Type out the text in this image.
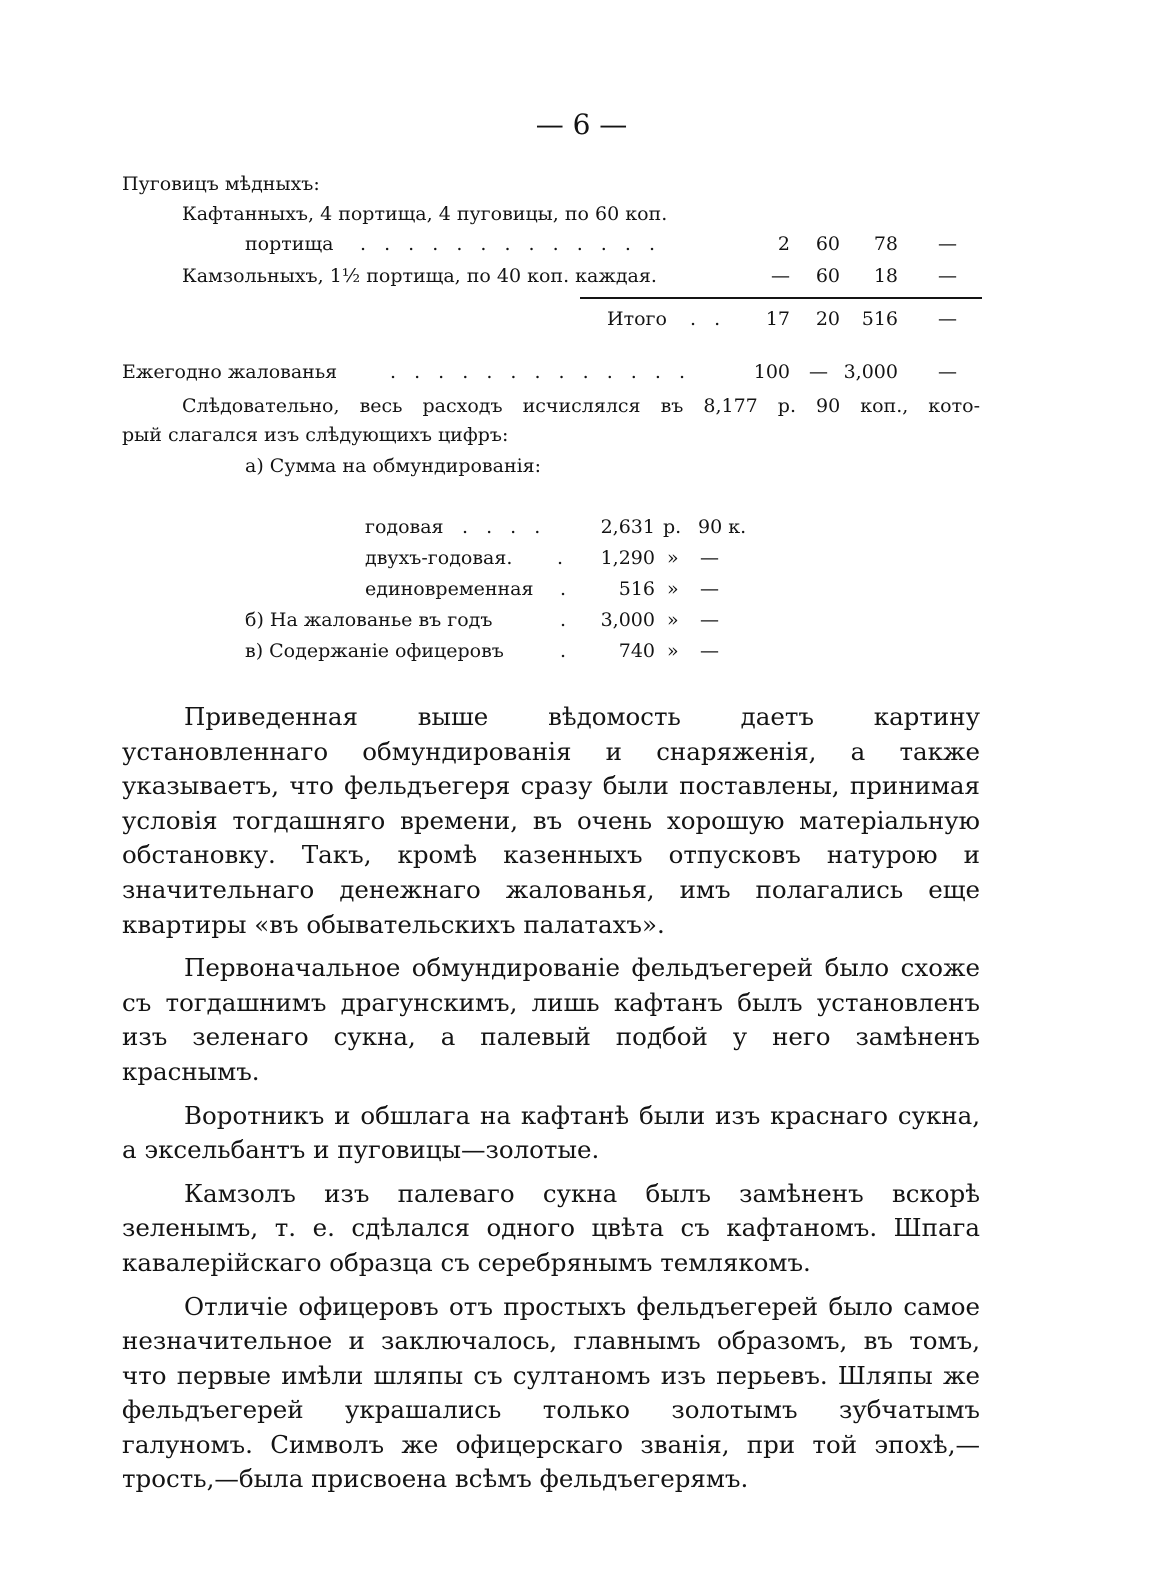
— 6 —
Пуговицъ мѣдныхъ:
Кафтанныхъ, 4 портища, 4 пуговицы, по 60 коп.
портища . . . . . . . . . . . . .	2	60	78	—
Камзольныхъ, 1½ портища, по 40 коп. каждая.	—	60	18	—
Итого . .	17	20	516	—
Ежегодно жалованья	. . . . . . . . . . . . .	100	— 3,000	—
Слѣдовательно, весь расходъ исчислялся въ 8,177 р. 90 коп., кото-
рый слагался изъ слѣдующихъ цифръ:
а) Сумма на обмундированія:
годовая . . . .	2,631 р. 90 к.
двухъ-годовая. .	1,290 » —
единовременная .	516 » —
б) На жалованье въ годъ	.	3,000 » —
в) Содержаніе офицеровъ	.	740 » —

Приведенная выше вѣдомость даетъ картину установленнаго обмундированія и снаряженія, а также указываетъ, что фельдъегеря сразу были поставлены, принимая условія тогдашняго времени, въ очень хорошую матеріальную обстановку. Такъ, кромѣ казенныхъ отпусковъ натурою и значительнаго денежнаго жалованья, имъ полагались еще квартиры «въ обывательскихъ палатахъ».

Первоначальное обмундированіе фельдъегерей было схоже съ тогдашнимъ драгунскимъ, лишь кафтанъ былъ установленъ изъ зеленаго сукна, а палевый подбой у него замѣненъ краснымъ.

Воротникъ и обшлага на кафтанѣ были изъ краснаго сукна, а эксельбантъ и пуговицы—золотые.

Камзолъ изъ палеваго сукна былъ замѣненъ вскорѣ зеленымъ, т. е. сдѣлался одного цвѣта съ кафтаномъ. Шпага кавалерійскаго образца съ серебрянымъ темлякомъ.

Отличіе офицеровъ отъ простыхъ фельдъегерей было самое незначительное и заключалось, главнымъ образомъ, въ томъ, что первые имѣли шляпы съ султаномъ изъ перьевъ. Шляпы же фельдъегерей украшались только золотымъ зубчатымъ галуномъ. Символъ же офицерскаго званія, при той эпохѣ,—трость,—была присвоена всѣмъ фельдъегерямъ.
